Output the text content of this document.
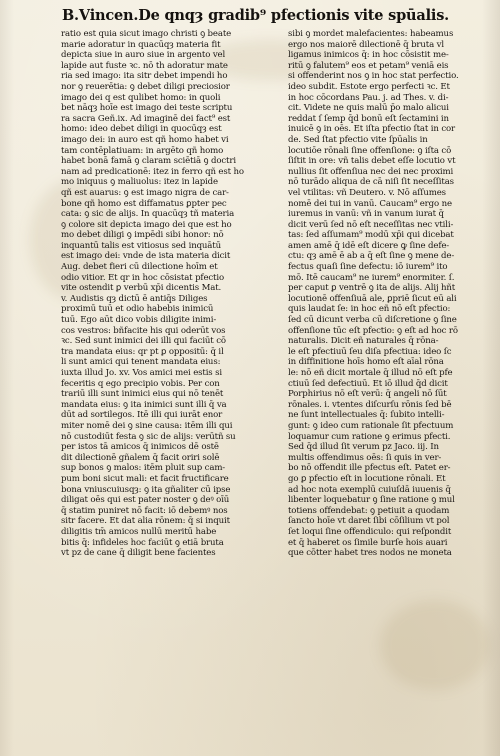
B.Vincen.De qnqȝ gradib⁹ pfectionis vite spūalis.
ratio est quia sicut imago christi ꝯ beate
marie adoratur in quacūqȝ materia fit
depicta siue in auro siue in argento vel
lapide aut fuste ꝛc. nō th adoratur mate
ria sed imago: ita sitr debet impendi ho
nor ꝯ reuerētia: ꝯ debet diligi preciosior
imago dei q est qulibet homo: in quoli
bet nāqȝ hoīe est imago dei teste scriptu
ra sacra Geñ.ix. Ad imaginē dei fact⁹ est
homo: ideo debet diligi in quocūqȝ est
imago dei: in auro est qñ homo habet vi
tam contēplatiuam: in argēto qñ homo
habet bonā famā ꝯ claram sciētiā ꝯ doctri
nam ad predicationē: itez in ferro qñ est ho
mo iniquus ꝯ maliuolus: itez in lapide
qñ est auarus: ꝯ est imago nigra de car-
bone qñ homo est diffamatus ꝑpter pec
cata: ꝯ sic de alijs. In quacūqȝ tñ materia
ꝯ colore sit depicta imago dei que est ho
mo debet diligi ꝯ impēdi sibi honor: nō
inquantū talis est vitiosus sed inquātū
est imago dei: vnde de ista materia dicit
Aug. debet fieri cū dilectione hoīm et
odio vitior. Et qr in hoc cōsistat pfectio
vite ostendit ꝑ verbū xp̄i dicentis Mat.
v. Audistis qȝ dictū ē antiq̄s Diliges
proximū tuū et odio habebis inimicū
tuū. Ego aūt dico vobis diligite inimi-
cos vestros: bñfacite his qui oderūt vos
ꝛc. Sed sunt inimici dei illi qui faciūt cō
tra mandata eius: qr pt ꝑ oppositū: q̄ il
li sunt amici qui tenent mandata eius:
iuxta illud Jo. xv. Vos amici mei estis si
feceritis q ego precipio vobis. Per con
trariū illi sunt inimici eius qui nō tenēt
mandata eius: ꝯ ita inimici sunt illi q̄ va
dūt ad sortilegos. Itē illi qui iurāt enor
miter nomē dei ꝯ sine causa: itēm illi qui
nō custodiūt festa ꝯ sic de alijs: verūtñ su
per istos tā amicos q̄ inimicos dē ostē
dit dilectionē gñalem q̄ facit oriri solē
sup bonos ꝯ malos: itēm pluit sup cam-
pum boni sicut mali: et facit fructificare
bona vniuscuiusqȝ: ꝯ ita gñaliter cū ipse
diligat oēs qui est pater noster ꝯ deꝰ oīū
q̄ statim puniret nō facit: iō debemꝰ nos
sitr facere. Et dat alia rōnem: q̄ si inquit
diligitis tm̄ amicos nullū meritū habe
bitis q̄: infideles hoc faciūt ꝯ etiā bruta
vt pz de cane q̄ diligit bene facientes
sibi ꝯ mordet malefacientes: habeamus
ergo nos maiorē dilectionē q̄ bruta vl
ligamus inimicos q̄: in hoc cōsistit me-
ritū ꝯ falutem⁹ eos et petam⁹ veniā eis
si offenderint nos ꝯ in hoc stat perfectio.
ideo subdit. Estote ergo perfecti ꝛc. Et
in hoc cōcordans Pau. j. ad Thes. v. di-
cit. Videte ne quis malū p̄o malo alicui
reddat ſ ſemp q̄d bonū eſt ſectamini in
inuicē ꝯ in oēs. Et iſta pfectio ſtat in cor
de. Sed ſtat pfectio vite ſpūalis in
locutiōe rōnali ſine offenſione: ꝯ iſta cō
ſiſtit in ore: vñ talis debet eſſe locutio vt
nullius ſit offenſiua nec dei nec proximi
nō turādo aliqua de cā niſi ſit neceſſitas
vel vtilitas: vñ Deutero. v. Nō aſſumes
nomē dei tui in vanū. Caucam⁹ ergo ne
iuremus in vanū: vñ in vanum iurat q̄
dicit verū ſed nō eſt neceſſitas nec vtili-
tas: ſed aſſumam⁹ modū xp̄i qui dicebat
amen amē q̄ idē eſt dicere ꝙ ſine defe-
ctu: qȝ amē ē ab a q̄ eſt ſine ꝯ mene de-
fectus quaſi ſine defectu: iō iurem⁹ ito
mō. Itē caucam⁹ ne iurem⁹ enormiter. ſ.
per caput ꝑ ventrē ꝯ ita de alijs. Alij hñt
locutionē offenſiuā ale, ꝑpriē ſicut eū ali
quis laudat ſe: in hoc eñ nō eſt pfectio:
ſed cū dicunt verba cū diſcretione ꝯ ſine
offenſione tūc eſt pfectio: ꝯ eſt ad hoc rō
naturalis. Dicit eñ naturales q̄ rōna-
le eſt pfectiuū ſeu diſa pfectiua: ideo ſc
in diffinitione hoīs homo eſt aīal rōna
le: nō eñ dicit mortale q̄ illud nō eſt pfe
ctiuū ſed defectiuū. Et iō illud q̄d dicit
Porphirius nō eſt verū: q̄ angeli nō ſūt
rōnales. i. vtentes diſcurſu rōnis ſed bē
ne ſunt intellectuales q̄: ſubito intelli-
gunt: ꝯ ideo cum rationale ſit pfectuum
loquamur cum ratione ꝯ erimus pfecti.
Sed q̄d illud ſit verum pz Jaco. iij. In
multis offendimus oēs: ſi quis in ver-
bo nō offendit ille pfectus eſt. Patet er-
go ꝑ pfectio eſt in locutione rōnali. Et
ad hoc nota exemplū cuiuſdā iuuenis q̄
libenter loquebatur ꝯ ſine ratione ꝯ mul
totiens offendebat: ꝯ petiuit a quodam
ſancto hoīe vt daret ſibi cōſilium vt pol
ſet loqui ſine offendiculo: qui reſpondit
et q̄ haberet os ſimile burſe hois auari
que cōtter habet tres nodos ne moneta
